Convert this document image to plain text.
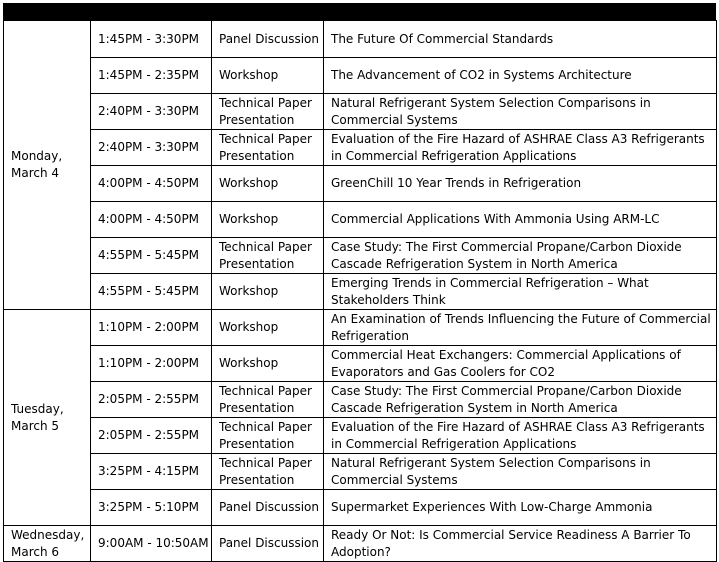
Monday, March 4	1:45PM - 3:30PM	Panel Discussion	The Future Of Commercial Standards
	1:45PM - 2:35PM	Workshop	The Advancement of CO2 in Systems Architecture
	2:40PM - 3:30PM	Technical Paper Presentation	Natural Refrigerant System Selection Comparisons in Commercial Systems
	2:40PM - 3:30PM	Technical Paper Presentation	Evaluation of the Fire Hazard of ASHRAE Class A3 Refrigerants in Commercial Refrigeration Applications
	4:00PM - 4:50PM	Workshop	GreenChill 10 Year Trends in Refrigeration
	4:00PM - 4:50PM	Workshop	Commercial Applications With Ammonia Using ARM-LC
	4:55PM - 5:45PM	Technical Paper Presentation	Case Study: The First Commercial Propane/Carbon Dioxide Cascade Refrigeration System in North America
	4:55PM - 5:45PM	Workshop	Emerging Trends in Commercial Refrigeration – What Stakeholders Think
Tuesday, March 5	1:10PM - 2:00PM	Workshop	An Examination of Trends Influencing the Future of Commercial Refrigeration
	1:10PM - 2:00PM	Workshop	Commercial Heat Exchangers: Commercial Applications of Evaporators and Gas Coolers for CO2
	2:05PM - 2:55PM	Technical Paper Presentation	Case Study: The First Commercial Propane/Carbon Dioxide Cascade Refrigeration System in North America
	2:05PM - 2:55PM	Technical Paper Presentation	Evaluation of the Fire Hazard of ASHRAE Class A3 Refrigerants in Commercial Refrigeration Applications
	3:25PM - 4:15PM	Technical Paper Presentation	Natural Refrigerant System Selection Comparisons in Commercial Systems
	3:25PM - 5:10PM	Panel Discussion	Supermarket Experiences With Low-Charge Ammonia
Wednesday, March 6	9:00AM - 10:50AM	Panel Discussion	Ready Or Not: Is Commercial Service Readiness A Barrier To Adoption?
